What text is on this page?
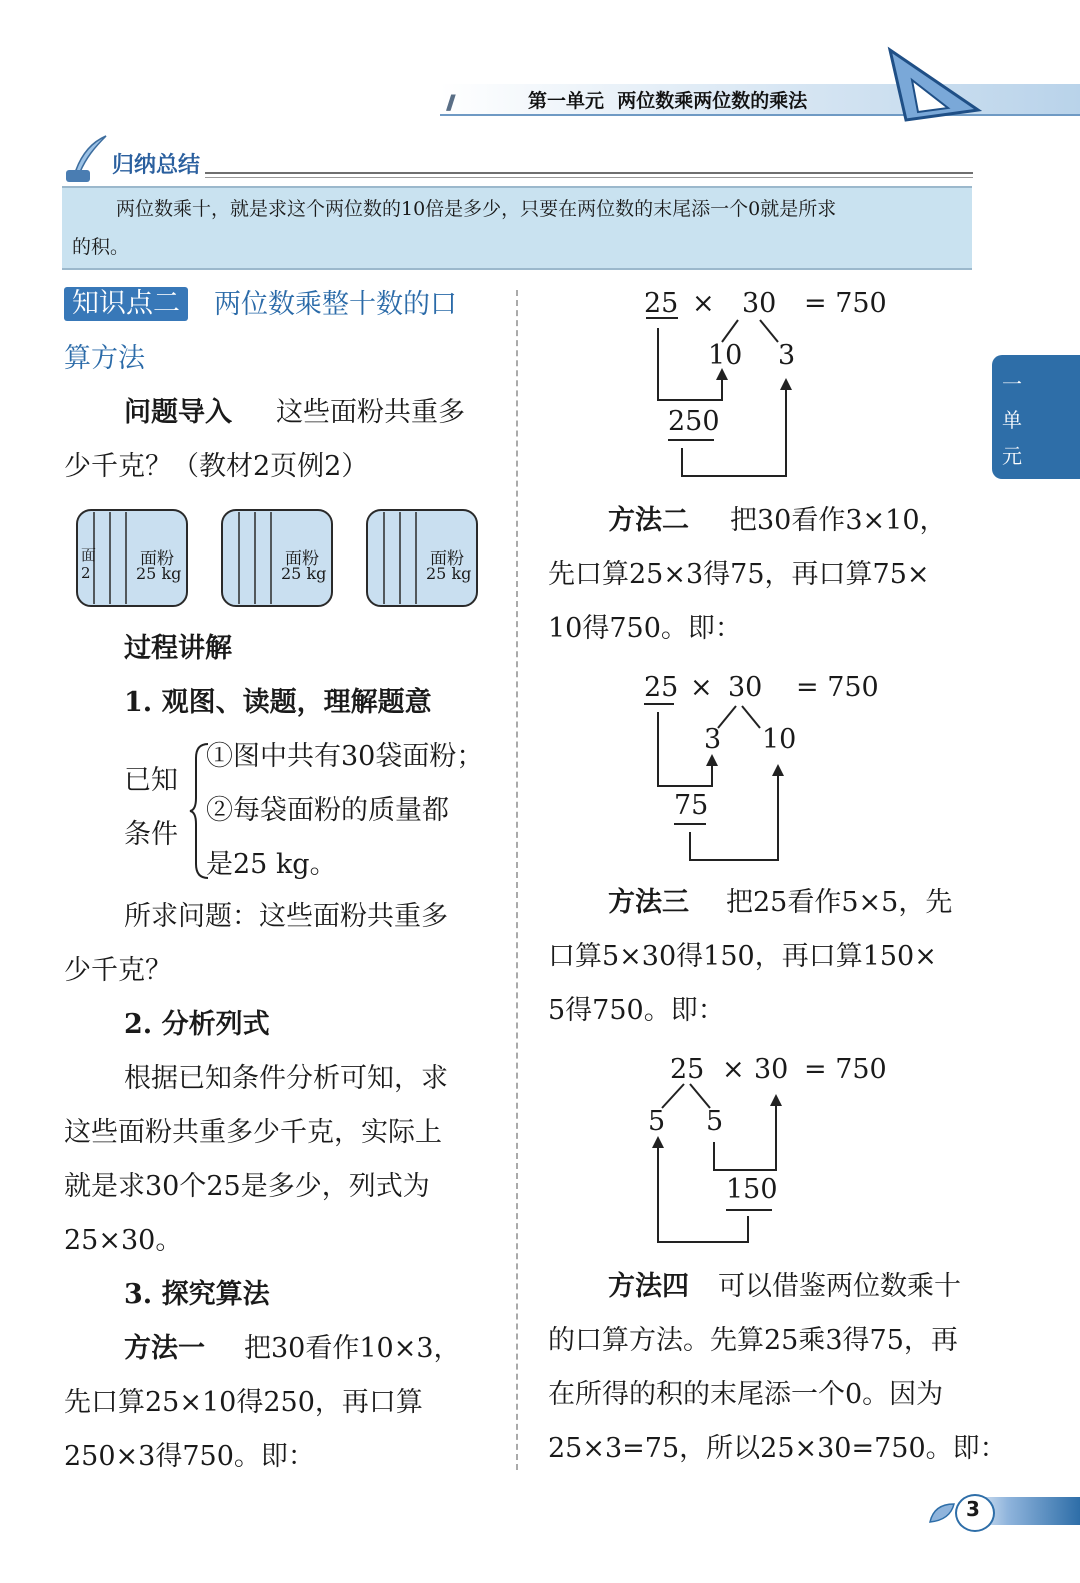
/////	第一单元  两位数乘两位数的乘法
归纳总结
两位数乘十，就是求这个两位数的10倍是多少，只要在两位数的末尾添一个0就是所求
的积。
知识点二 两位数乘整十数的口
算方法
问题导入 这些面粉共重多
少千克？（教材2页例2）
面粉
25 kg
面粉
25 kg
面粉
25 kg
面
2
过程讲解
1. 观图、读题，理解题意
已知
条件
①图中共有30袋面粉；
②每袋面粉的质量都
是25 kg。
所求问题：这些面粉共重多
少千克？
2. 分析列式
根据已知条件分析可知，求
这些面粉共重多少千克，实际上
就是求30个25是多少，列式为
25×30。
3. 探究算法
方法一 把30看作10×3，
先口算25×10得250，再口算
250×3得750。即：
25 × 30 = 750
10 3
250
方法二 把30看作3×10，
先口算25×3得75，再口算75×
10得750。即：
25 × 30 = 750
3 10
75
方法三 把25看作5×5，先
口算5×30得150，再口算150×
5得750。即：
25 × 30 = 750
5 5
150
方法四 可以借鉴两位数乘十
的口算方法。先算25乘3得75，再
在所得的积的末尾添一个0。因为
25×3=75，所以25×30=750。即：
一
单
元
3
